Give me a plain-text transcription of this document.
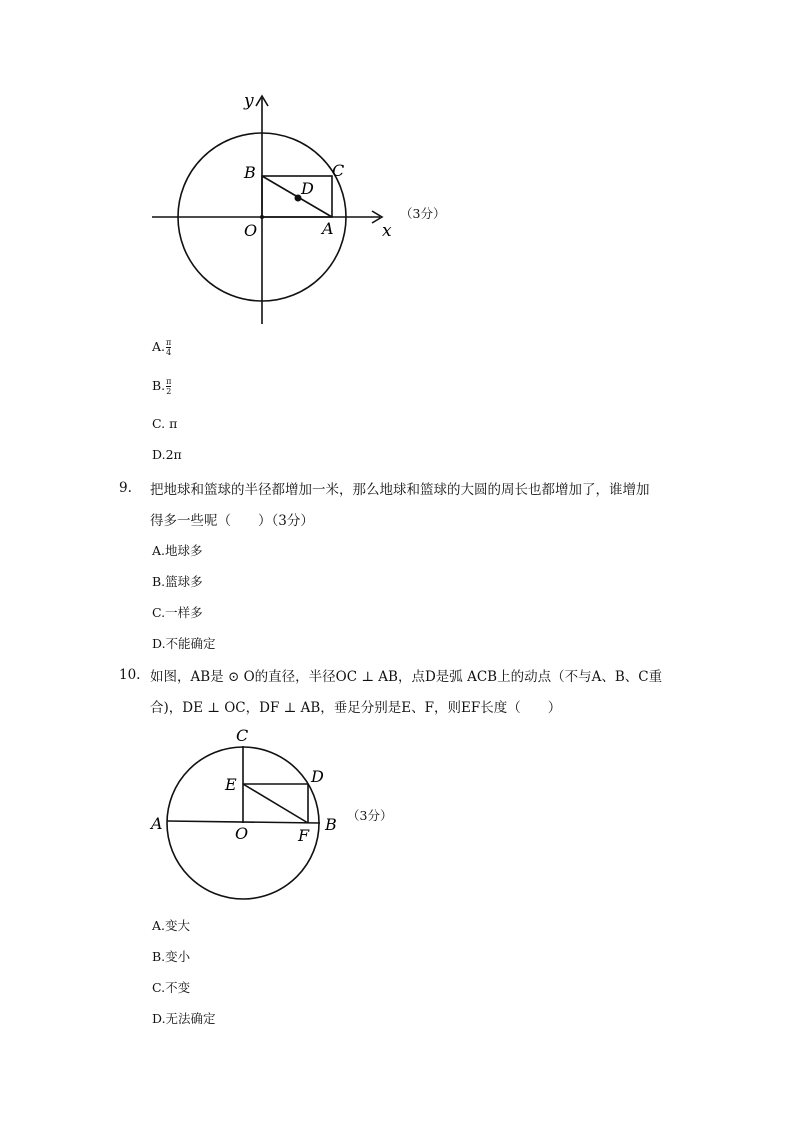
y
x
B	C
D
O	A
（3分）
A. $\frac{\pi}{4}$
B. $\frac{\pi}{2}$
C. π
D.2π
9. 把地球和篮球的半径都增加一米，那么地球和篮球的大圆的周长也都增加了，谁增加
得多一些呢（　　）（3分）
A.地球多
B.篮球多
C.一样多
D.不能确定
10. 如图，AB是 ⊙ O的直径，半径OC ⊥ AB，点D是弧 ACB上的动点（不与A、B、C重
合)，DE ⊥ OC，DF ⊥ AB，垂足分别是E、F，则EF长度（　　）
C
D
E
A
O	F
B （3分）
A.变大
B.变小
C.不变
D.无法确定
